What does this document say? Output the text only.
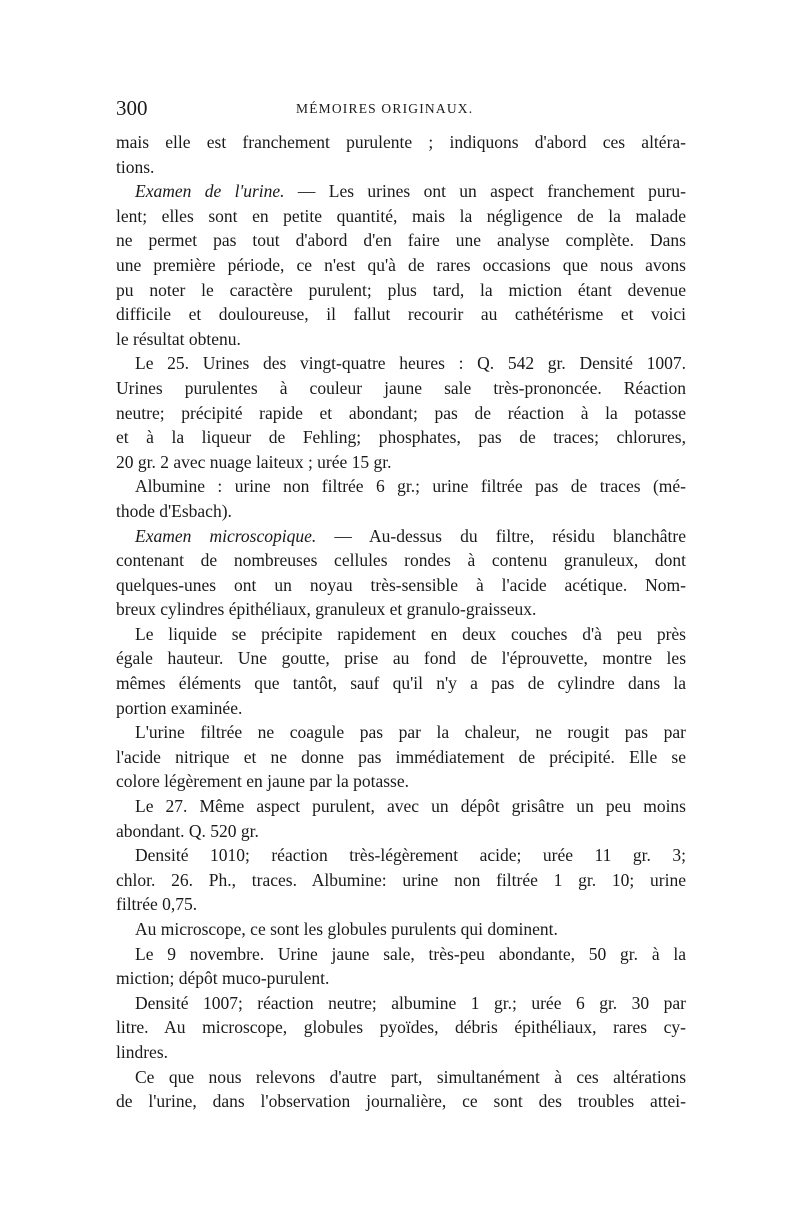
300	MÉMOIRES ORIGINAUX.
mais elle est franchement purulente ; indiquons d'abord ces altéra-
tions.
Examen de l'urine. — Les urines ont un aspect franchement puru-
lent; elles sont en petite quantité, mais la négligence de la malade
ne permet pas tout d'abord d'en faire une analyse complète. Dans
une première période, ce n'est qu'à de rares occasions que nous avons
pu noter le caractère purulent; plus tard, la miction étant devenue
difficile et douloureuse, il fallut recourir au cathétérisme et voici
le résultat obtenu.
Le 25. Urines des vingt-quatre heures : Q. 542 gr. Densité 1007.
Urines purulentes à couleur jaune sale très-prononcée. Réaction
neutre; précipité rapide et abondant; pas de réaction à la potasse
et à la liqueur de Fehling; phosphates, pas de traces; chlorures,
20 gr. 2 avec nuage laiteux ; urée 15 gr.
Albumine : urine non filtrée 6 gr.; urine filtrée pas de traces (mé-
thode d'Esbach).
Examen microscopique. — Au-dessus du filtre, résidu blanchâtre
contenant de nombreuses cellules rondes à contenu granuleux, dont
quelques-unes ont un noyau très-sensible à l'acide acétique. Nom-
breux cylindres épithéliaux, granuleux et granulo-graisseux.
Le liquide se précipite rapidement en deux couches d'à peu près
égale hauteur. Une goutte, prise au fond de l'éprouvette, montre les
mêmes éléments que tantôt, sauf qu'il n'y a pas de cylindre dans la
portion examinée.
L'urine filtrée ne coagule pas par la chaleur, ne rougit pas par
l'acide nitrique et ne donne pas immédiatement de précipité. Elle se
colore légèrement en jaune par la potasse.
Le 27. Même aspect purulent, avec un dépôt grisâtre un peu moins
abondant. Q. 520 gr.
Densité 1010; réaction très-légèrement acide; urée 11 gr. 3;
chlor. 26. Ph., traces. Albumine: urine non filtrée 1 gr. 10; urine
filtrée 0,75.
Au microscope, ce sont les globules purulents qui dominent.
Le 9 novembre. Urine jaune sale, très-peu abondante, 50 gr. à la
miction; dépôt muco-purulent.
Densité 1007; réaction neutre; albumine 1 gr.; urée 6 gr. 30 par
litre. Au microscope, globules pyoïdes, débris épithéliaux, rares cy-
lindres.
Ce que nous relevons d'autre part, simultanément à ces altérations
de l'urine, dans l'observation journalière, ce sont des troubles attei-
